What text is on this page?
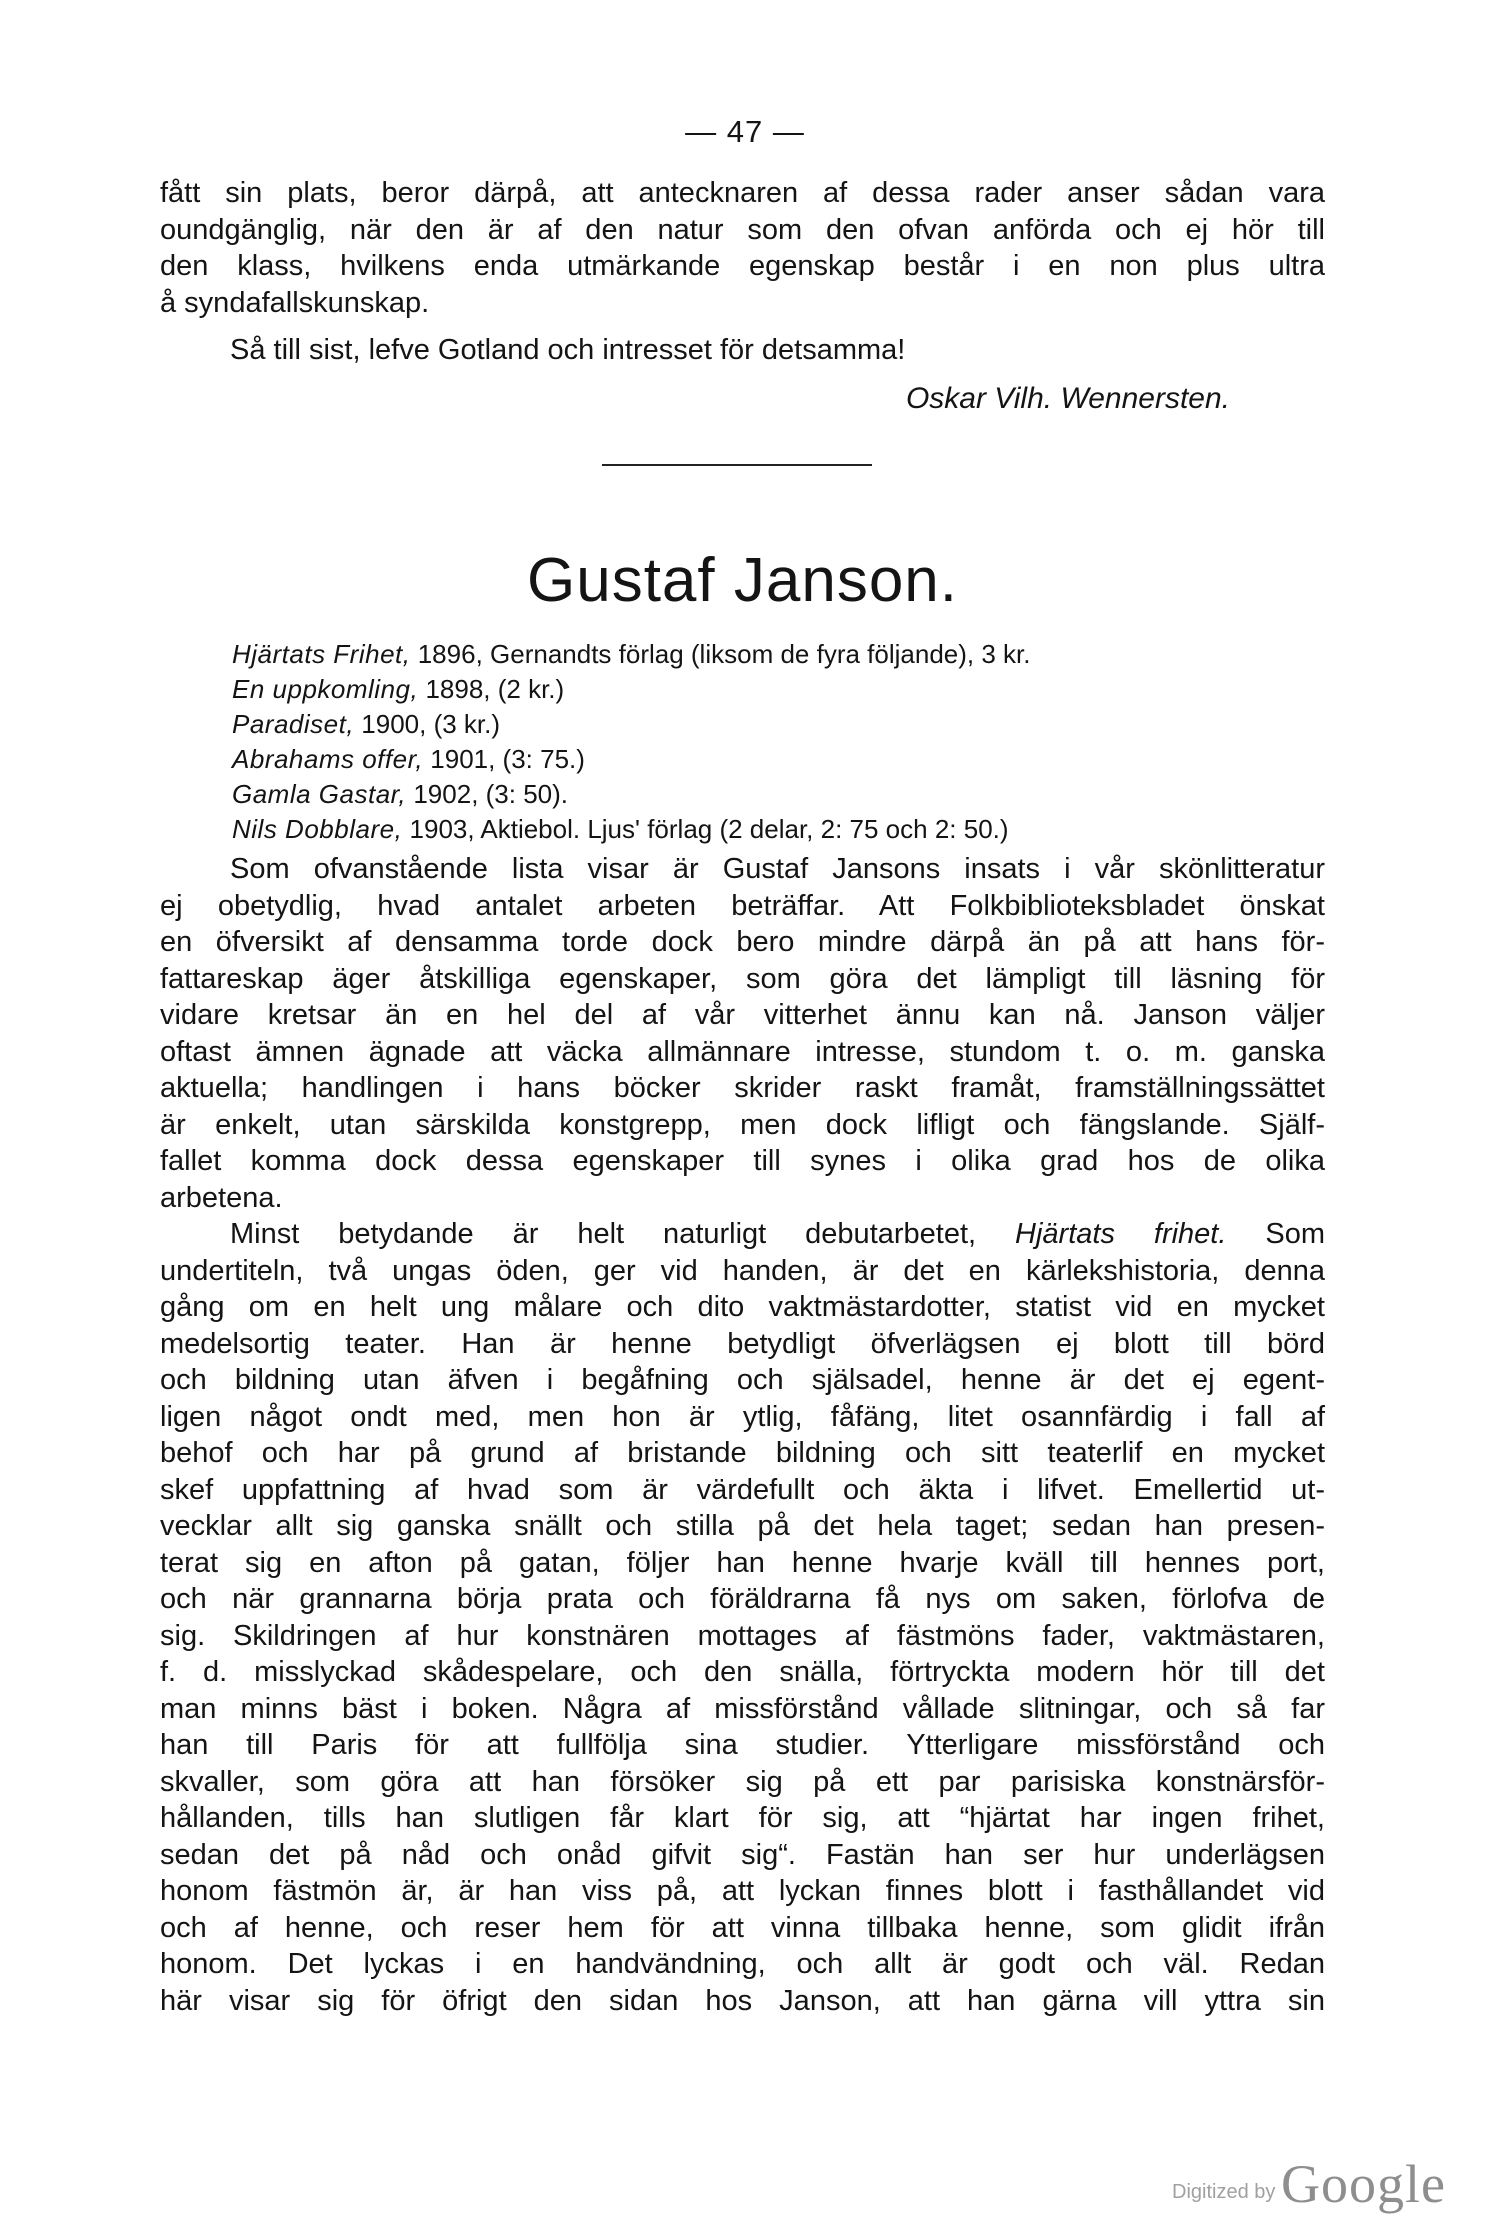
— 47 —

fått sin plats, beror därpå, att antecknaren af dessa rader anser sådan vara
oundgänglig, när den är af den natur som den ofvan anförda och ej hör till
den klass, hvilkens enda utmärkande egenskap består i en non plus ultra
å syndafallskunskap.

Så till sist, lefve Gotland och intresset för detsamma!

Oskar Vilh. Wennersten.
Gustaf Janson.
Hjärtats Frihet, 1896, Gernandts förlag (liksom de fyra följande), 3 kr.
En uppkomling, 1898, (2 kr.)
Paradiset, 1900, (3 kr.)
Abrahams offer, 1901, (3: 75.)
Gamla Gastar, 1902, (3: 50).
Nils Dobblare, 1903, Aktiebol. Ljus' förlag (2 delar, 2: 75 och 2: 50.)

Som ofvanstående lista visar är Gustaf Jansons insats i vår skönlitteratur
ej obetydlig, hvad antalet arbeten beträffar. Att Folkbiblioteksbladet önskat
en öfversikt af densamma torde dock bero mindre därpå än på att hans för-
fattareskap äger åtskilliga egenskaper, som göra det lämpligt till läsning för
vidare kretsar än en hel del af vår vitterhet ännu kan nå. Janson väljer
oftast ämnen ägnade att väcka allmännare intresse, stundom t. o. m. ganska
aktuella; handlingen i hans böcker skrider raskt framåt, framställningssättet
är enkelt, utan särskilda konstgrepp, men dock lifligt och fängslande. Själf-
fallet komma dock dessa egenskaper till synes i olika grad hos de olika
arbetena.

Minst betydande är helt naturligt debutarbetet, Hjärtats frihet. Som
undertiteln, två ungas öden, ger vid handen, är det en kärlekshistoria, denna
gång om en helt ung målare och dito vaktmästardotter, statist vid en mycket
medelsortig teater. Han är henne betydligt öfverlägsen ej blott till börd
och bildning utan äfven i begåfning och själsadel, henne är det ej egent-
ligen något ondt med, men hon är ytlig, fåfäng, litet osannfärdig i fall af
behof och har på grund af bristande bildning och sitt teaterlif en mycket
skef uppfattning af hvad som är värdefullt och äkta i lifvet. Emellertid ut-
vecklar allt sig ganska snällt och stilla på det hela taget; sedan han presen-
terat sig en afton på gatan, följer han henne hvarje kväll till hennes port,
och när grannarna börja prata och föräldrarna få nys om saken, förlofva de
sig. Skildringen af hur konstnären mottages af fästmöns fader, vaktmästaren,
f. d. misslyckad skådespelare, och den snälla, förtryckta modern hör till det
man minns bäst i boken. Några af missförstånd vållade slitningar, och så far
han till Paris för att fullfölja sina studier. Ytterligare missförstånd och
skvaller, som göra att han försöker sig på ett par parisiska konstnärsför-
hållanden, tills han slutligen får klart för sig, att “hjärtat har ingen frihet,
sedan det på nåd och onåd gifvit sig“. Fastän han ser hur underlägsen
honom fästmön är, är han viss på, att lyckan finnes blott i fasthållandet vid
och af henne, och reser hem för att vinna tillbaka henne, som glidit ifrån
honom. Det lyckas i en handvändning, och allt är godt och väl. Redan
här visar sig för öfrigt den sidan hos Janson, att han gärna vill yttra sin

Digitized by Google
